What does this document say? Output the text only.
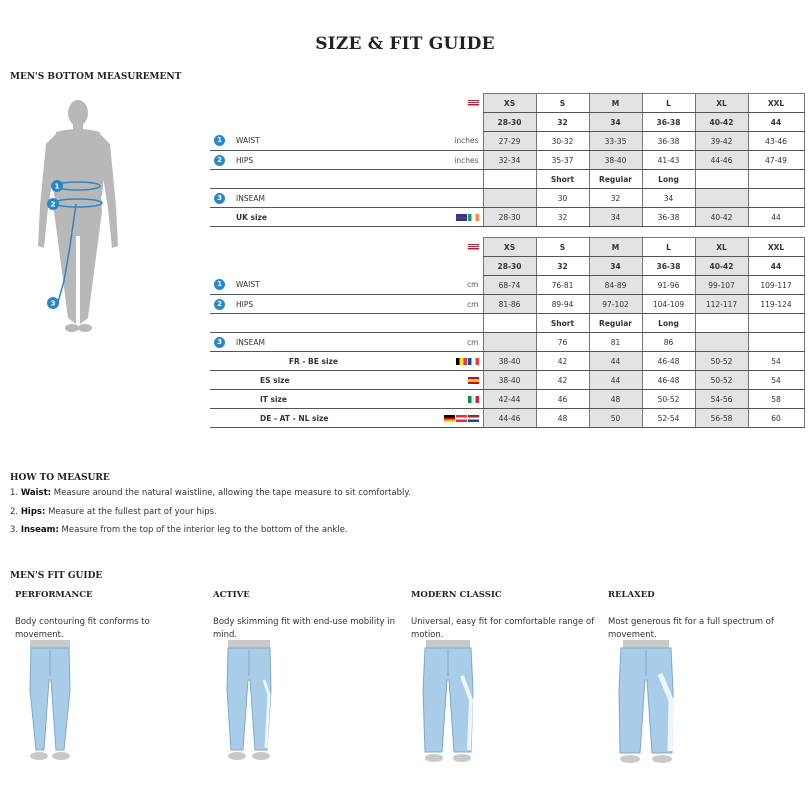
SIZE & FIT GUIDE
MEN'S BOTTOM MEASUREMENT
1
2
3
			XS	S	M	L	XL	XXL
			28-30	32	34	36-38	40-42	44
1	WAIST	inches	27-29	30-32	33-35	36-38	39-42	43-46
2	HIPS	inches	32-34	35-37	38-40	41-43	44-46	47-49
				Short	Regular	Long		
3	INSEAM			30	32	34		
	UK size		28-30	32	34	36-38	40-42	44
			XS	S	M	L	XL	XXL
			28-30	32	34	36-38	40-42	44
1	WAIST	cm	68-74	76-81	84-89	91-96	99-107	109-117
2	HIPS	cm	81-86	89-94	97-102	104-109	112-117	119-124
				Short	Regular	Long		
3	INSEAM	cm		76	81	86		
	FR - BE size		38-40	42	44	46-48	50-52	54
	ES size		38-40	42	44	46-48	50-52	54
	IT size		42-44	46	48	50-52	54-56	58
	DE - AT - NL size		44-46	48	50	52-54	56-58	60
HOW TO MEASURE
1. Waist: Measure around the natural waistline, allowing the tape measure to sit comfortably.
2. Hips: Measure at the fullest part of your hips.
3. Inseam: Measure from the top of the interior leg to the bottom of the ankle.
MEN'S FIT GUIDE
PERFORMANCE
Body contouring fit conforms to movement.
ACTIVE
Body skimming fit with end-use mobility in mind.
MODERN CLASSIC
Universal, easy fit for comfortable range of motion.
RELAXED
Most generous fit for a full spectrum of movement.
